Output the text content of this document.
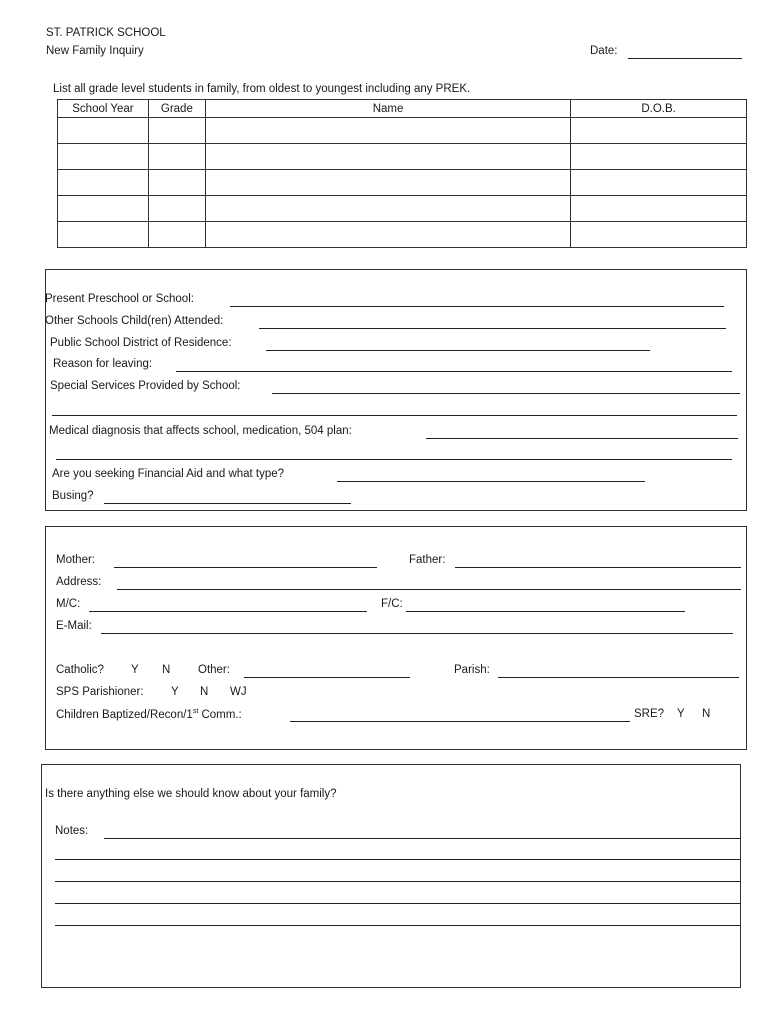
ST. PATRICK SCHOOL
New Family Inquiry	Date:
List all grade level students in family, from oldest to youngest including any PREK.
School Year	Grade	Name	D.O.B.

Present Preschool or School:
Other Schools Child(ren) Attended:
Public School District of Residence:
Reason for leaving:
Special Services Provided by School:
Medical diagnosis that affects school, medication, 504 plan:
Are you seeking Financial Aid and what type?
Busing?
Mother:	Father:
Address:
M/C:	F/C:
E-Mail:
Catholic? Y N Other:	Parish:
SPS Parishioner: Y N WJ
Children Baptized/Recon/1st Comm.:	SRE? Y N
Is there anything else we should know about your family?
Notes:
